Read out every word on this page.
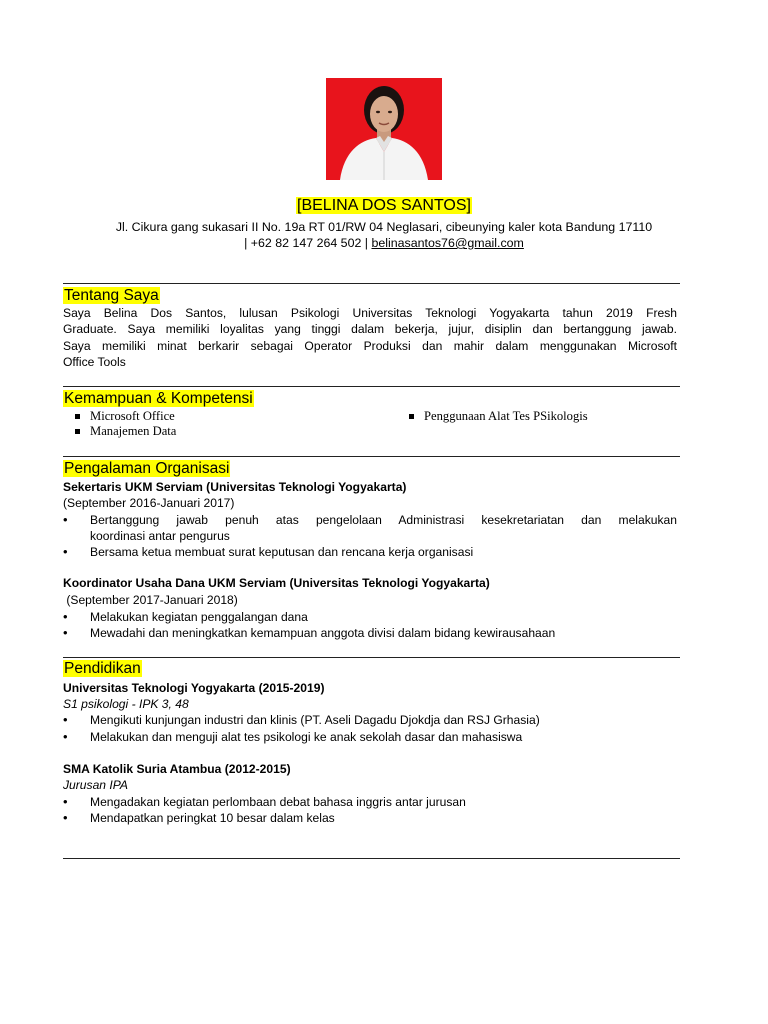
[BELINA DOS SANTOS]
Jl. Cikura gang sukasari II No. 19a RT 01/RW 04 Neglasari, cibeunying kaler kota Bandung 17110
| +62 82 147 264 502 | belinasantos76@gmail.com
Tentang Saya
Saya Belina Dos Santos, lulusan Psikologi Universitas Teknologi Yogyakarta tahun 2019 Fresh
Graduate. Saya memiliki loyalitas yang tinggi dalam bekerja, jujur, disiplin dan bertanggung jawab.
Saya memiliki minat berkarir sebagai Operator Produksi dan mahir dalam menggunakan Microsoft
Office Tools
Kemampuan & Kompetensi
Microsoft Office
Manajemen Data
Penggunaan Alat Tes PSikologis
Pengalaman Organisasi
Sekertaris UKM Serviam (Universitas Teknologi Yogyakarta)
(September 2016-Januari 2017)
•	Bertanggung jawab penuh atas pengelolaan Administrasi kesekretariatan dan melakukan
koordinasi antar pengurus
•	Bersama ketua membuat surat keputusan dan rencana kerja organisasi
Koordinator Usaha Dana UKM Serviam (Universitas Teknologi Yogyakarta)
(September 2017-Januari 2018)
•	Melakukan kegiatan penggalangan dana
•	Mewadahi dan meningkatkan kemampuan anggota divisi dalam bidang kewirausahaan
Pendidikan
Universitas Teknologi Yogyakarta (2015-2019)
S1 psikologi - IPK 3, 48
•	Mengikuti kunjungan industri dan klinis (PT. Aseli Dagadu Djokdja dan RSJ Grhasia)
•	Melakukan dan menguji alat tes psikologi ke anak sekolah dasar dan mahasiswa
SMA Katolik Suria Atambua (2012-2015)
Jurusan IPA
•	Mengadakan kegiatan perlombaan debat bahasa inggris antar jurusan
•	Mendapatkan peringkat 10 besar dalam kelas
